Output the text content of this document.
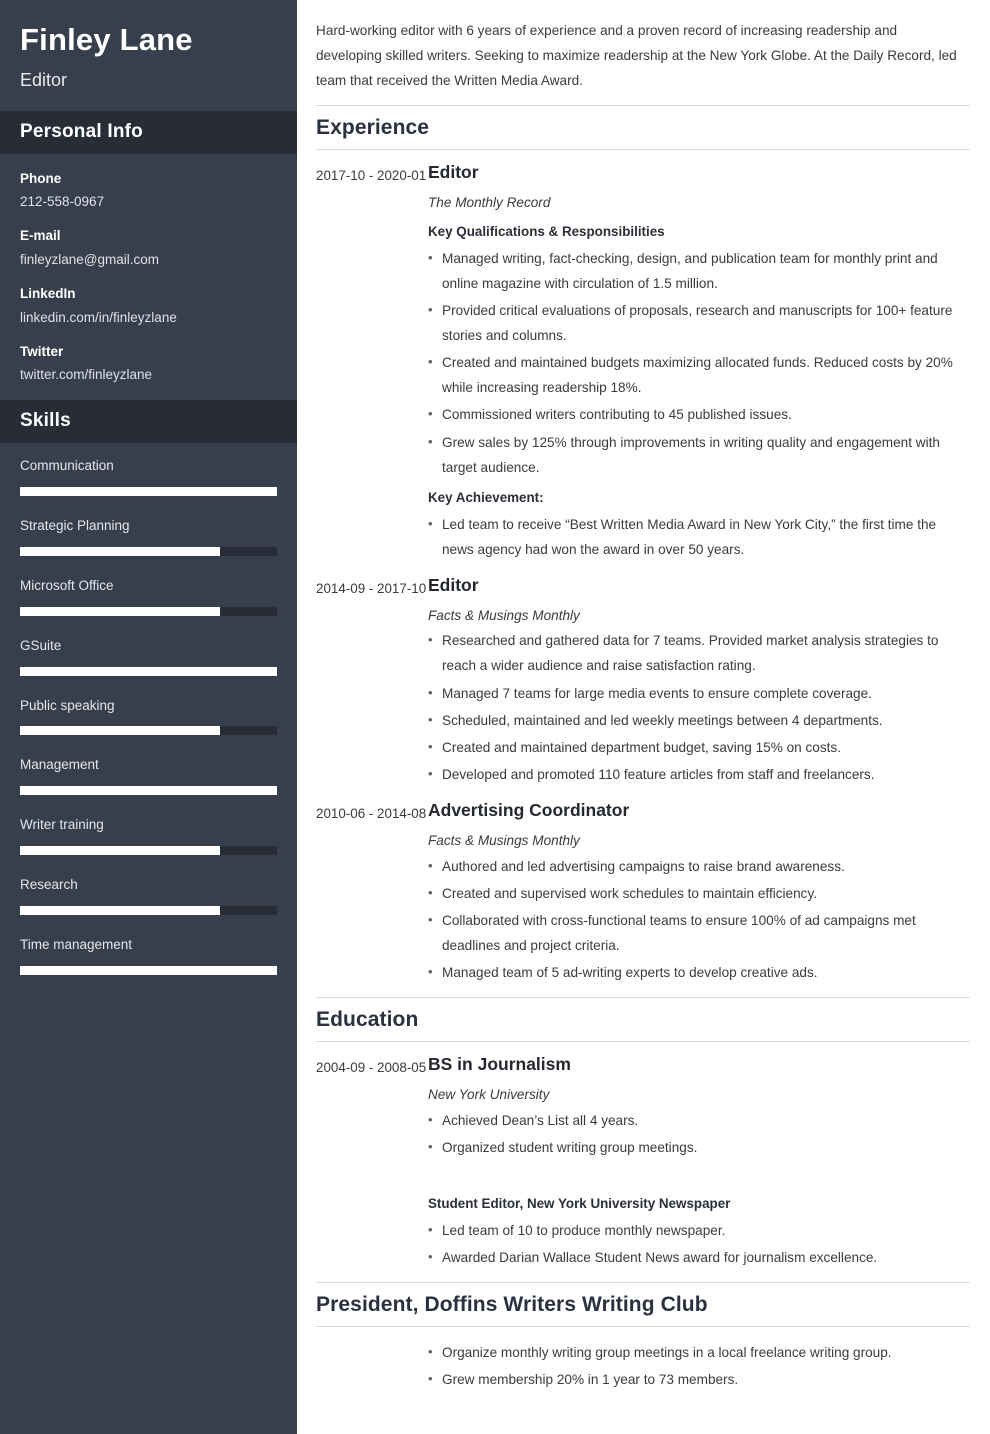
Finley Lane
Editor
Personal Info
Phone
212-558-0967
E-mail
finleyzlane@gmail.com
LinkedIn
linkedin.com/in/finleyzlane
Twitter
twitter.com/finleyzlane
Skills
Communication
Strategic Planning
Microsoft Office
GSuite
Public speaking
Management
Writer training
Research
Time management

Hard-working editor with 6 years of experience and a proven record of increasing readership and developing skilled writers. Seeking to maximize readership at the New York Globe. At the Daily Record, led team that received the Written Media Award.

Experience
2017-10 - 2020-01 Editor
The Monthly Record
Key Qualifications & Responsibilities
• Managed writing, fact-checking, design, and publication team for monthly print and online magazine with circulation of 1.5 million.
• Provided critical evaluations of proposals, research and manuscripts for 100+ feature stories and columns.
• Created and maintained budgets maximizing allocated funds. Reduced costs by 20% while increasing readership 18%.
• Commissioned writers contributing to 45 published issues.
• Grew sales by 125% through improvements in writing quality and engagement with target audience.
Key Achievement:
• Led team to receive “Best Written Media Award in New York City,” the first time the news agency had won the award in over 50 years.
2014-09 - 2017-10 Editor
Facts & Musings Monthly
• Researched and gathered data for 7 teams. Provided market analysis strategies to reach a wider audience and raise satisfaction rating.
• Managed 7 teams for large media events to ensure complete coverage.
• Scheduled, maintained and led weekly meetings between 4 departments.
• Created and maintained department budget, saving 15% on costs.
• Developed and promoted 110 feature articles from staff and freelancers.
2010-06 - 2014-08 Advertising Coordinator
Facts & Musings Monthly
• Authored and led advertising campaigns to raise brand awareness.
• Created and supervised work schedules to maintain efficiency.
• Collaborated with cross-functional teams to ensure 100% of ad campaigns met deadlines and project criteria.
• Managed team of 5 ad-writing experts to develop creative ads.
Education
2004-09 - 2008-05 BS in Journalism
New York University
• Achieved Dean’s List all 4 years.
• Organized student writing group meetings.
Student Editor, New York University Newspaper
• Led team of 10 to produce monthly newspaper.
• Awarded Darian Wallace Student News award for journalism excellence.
President, Doffins Writers Writing Club
• Organize monthly writing group meetings in a local freelance writing group.
• Grew membership 20% in 1 year to 73 members.
